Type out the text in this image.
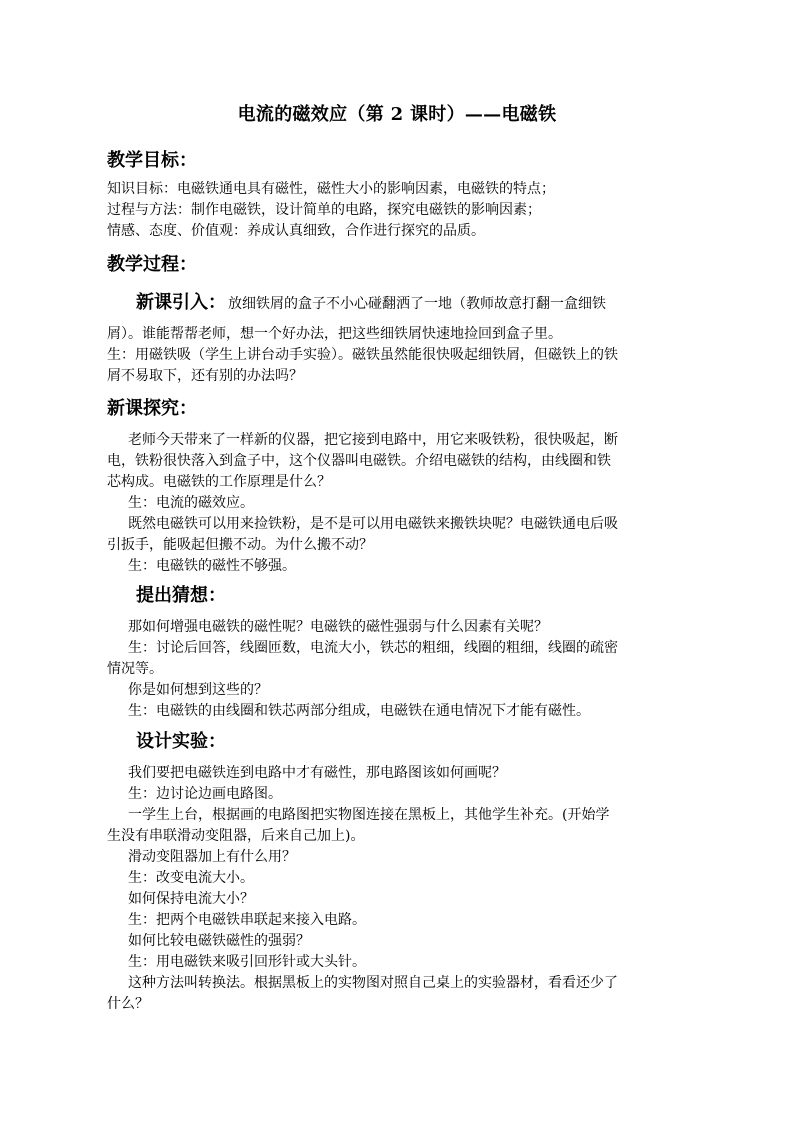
电流的磁效应（第 2 课时）——电磁铁
教学目标：
知识目标：电磁铁通电具有磁性，磁性大小的影响因素，电磁铁的特点；
过程与方法：制作电磁铁，设计简单的电路，探究电磁铁的影响因素；
情感、态度、价值观：养成认真细致，合作进行探究的品质。
教学过程：
新课引入： 放细铁屑的盒子不小心碰翻洒了一地（教师故意打翻一盒细铁
屑）。谁能帮帮老师，想一个好办法，把这些细铁屑快速地捡回到盒子里。
生：用磁铁吸（学生上讲台动手实验）。磁铁虽然能很快吸起细铁屑，但磁铁上的铁
屑不易取下，还有别的办法吗？
新课探究：
老师今天带来了一样新的仪器，把它接到电路中，用它来吸铁粉，很快吸起，断
电，铁粉很快落入到盒子中，这个仪器叫电磁铁。介绍电磁铁的结构，由线圈和铁
芯构成。电磁铁的工作原理是什么？
生：电流的磁效应。
既然电磁铁可以用来捡铁粉，是不是可以用电磁铁来搬铁块呢？电磁铁通电后吸
引扳手，能吸起但搬不动。为什么搬不动？
生：电磁铁的磁性不够强。
提出猜想：
那如何增强电磁铁的磁性呢？电磁铁的磁性强弱与什么因素有关呢？
生：讨论后回答，线圈匝数，电流大小，铁芯的粗细，线圈的粗细，线圈的疏密
情况等。
你是如何想到这些的？
生：电磁铁的由线圈和铁芯两部分组成，电磁铁在通电情况下才能有磁性。
设计实验：
我们要把电磁铁连到电路中才有磁性，那电路图该如何画呢？
生：边讨论边画电路图。
一学生上台，根据画的电路图把实物图连接在黑板上，其他学生补充。(开始学
生没有串联滑动变阻器，后来自己加上)。
滑动变阻器加上有什么用？
生：改变电流大小。
如何保持电流大小？
生：把两个电磁铁串联起来接入电路。
如何比较电磁铁磁性的强弱？
生：用电磁铁来吸引回形针或大头针。
这种方法叫转换法。根据黑板上的实物图对照自己桌上的实验器材，看看还少了
什么？
